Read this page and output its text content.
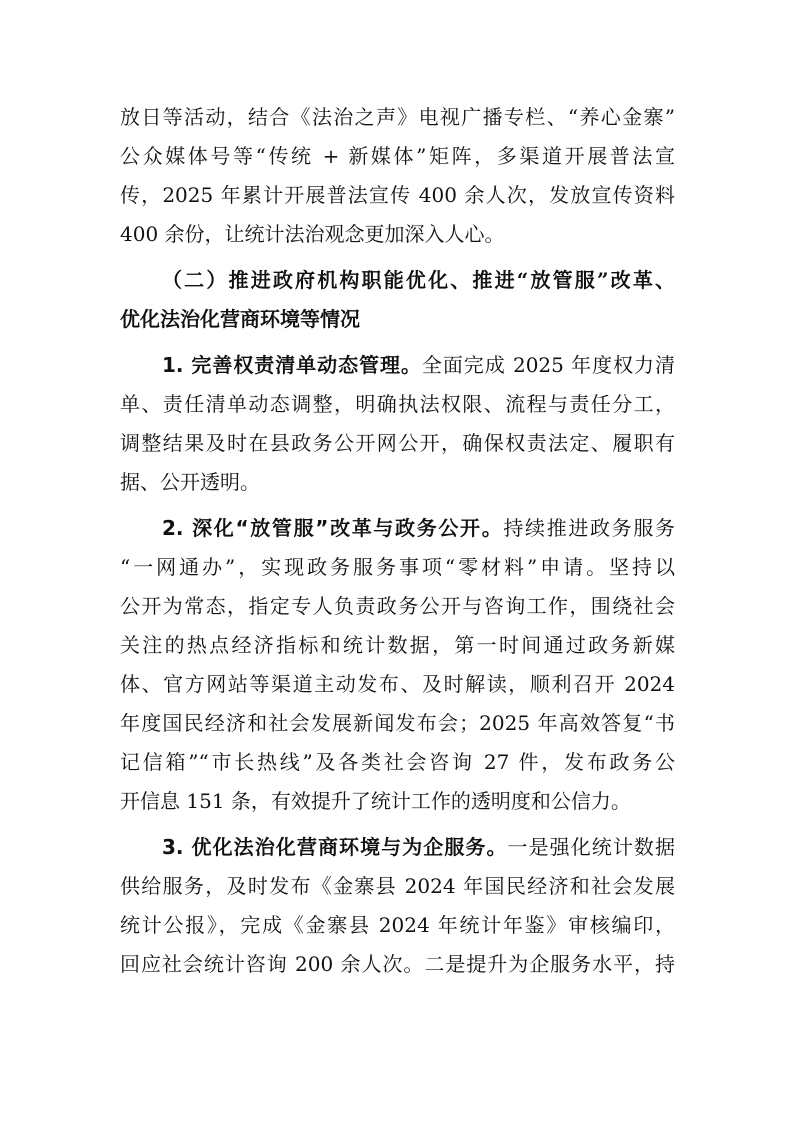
放日等活动，结合《法治之声》电视广播专栏、“养心金寨”
公众媒体号等“传统 + 新媒体”矩阵，多渠道开展普法宣
传，2025 年累计开展普法宣传 400 余人次，发放宣传资料
400 余份，让统计法治观念更加深入人心。
（二）推进政府机构职能优化、推进“放管服”改革、
优化法治化营商环境等情况
1. 完善权责清单动态管理。全面完成 2025 年度权力清
单、责任清单动态调整，明确执法权限、流程与责任分工，
调整结果及时在县政务公开网公开，确保权责法定、履职有
据、公开透明。
2. 深化“放管服”改革与政务公开。持续推进政务服务
“一网通办”，实现政务服务事项“零材料”申请。坚持以
公开为常态，指定专人负责政务公开与咨询工作，围绕社会
关注的热点经济指标和统计数据，第一时间通过政务新媒
体、官方网站等渠道主动发布、及时解读，顺利召开 2024
年度国民经济和社会发展新闻发布会；2025 年高效答复“书
记信箱”“市长热线”及各类社会咨询 27 件，发布政务公
开信息 151 条，有效提升了统计工作的透明度和公信力。
3. 优化法治化营商环境与为企服务。一是强化统计数据
供给服务，及时发布《金寨县 2024 年国民经济和社会发展
统计公报》，完成《金寨县 2024 年统计年鉴》审核编印，
回应社会统计咨询 200 余人次。二是提升为企服务水平，持
